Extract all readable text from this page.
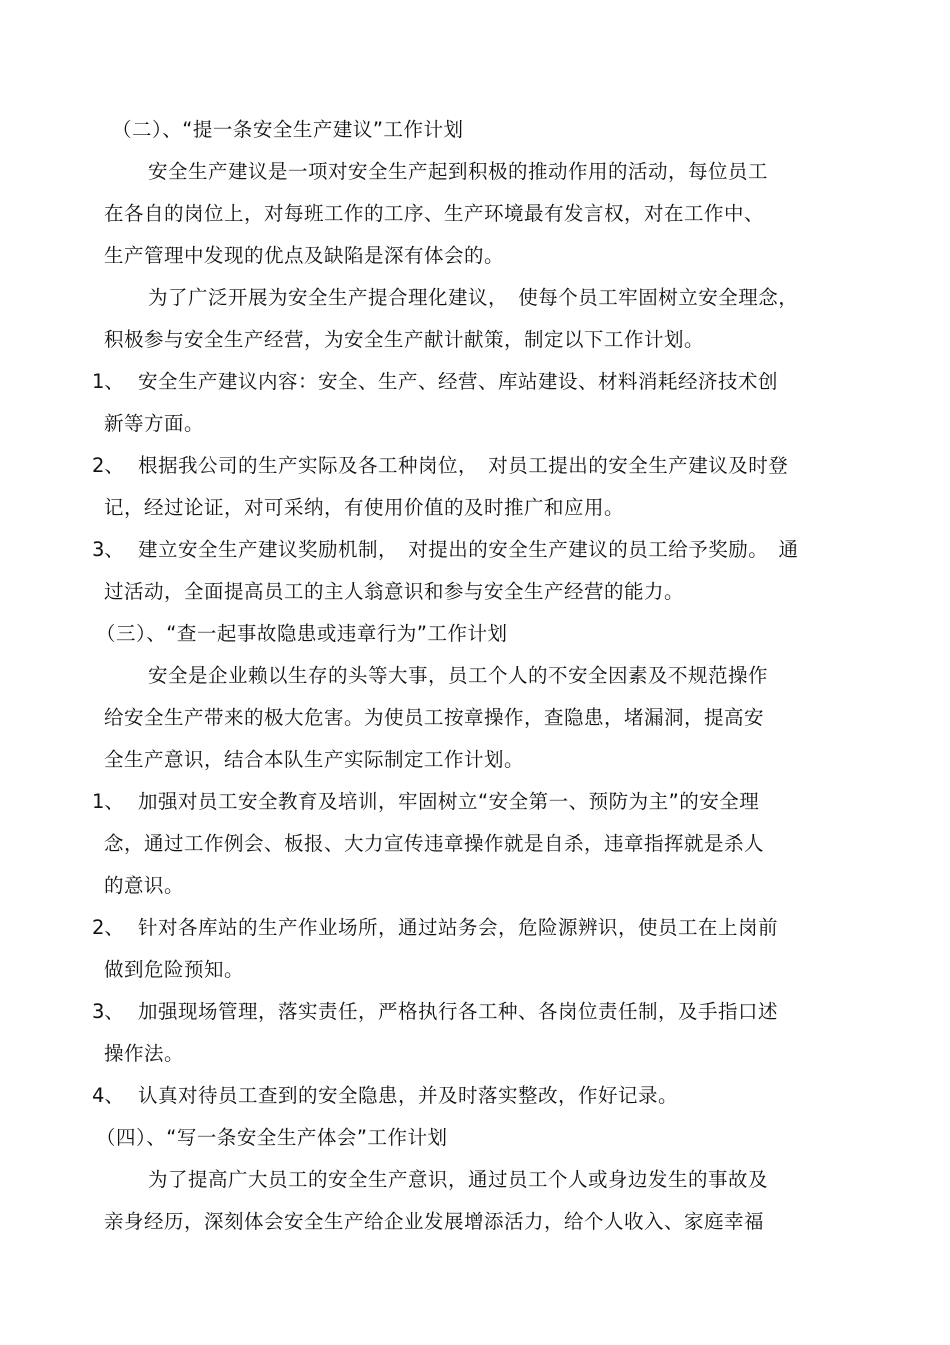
（二）、“提一条安全生产建议”工作计划
安全生产建议是一项对安全生产起到积极的推动作用的活动，每位员工
在各自的岗位上，对每班工作的工序、生产环境最有发言权，对在工作中、
生产管理中发现的优点及缺陷是深有体会的。
为了广泛开展为安全生产提合理化建议，　使每个员工牢固树立安全理念，
积极参与安全生产经营，为安全生产献计献策，制定以下工作计划。
1、 安全生产建议内容：安全、生产、经营、库站建设、材料消耗经济技术创
新等方面。
2、 根据我公司的生产实际及各工种岗位，　对员工提出的安全生产建议及时登
记，经过论证，对可采纳，有使用价值的及时推广和应用。
3、 建立安全生产建议奖励机制，　对提出的安全生产建议的员工给予奖励。　通
过活动，全面提高员工的主人翁意识和参与安全生产经营的能力。
（三）、“查一起事故隐患或违章行为”工作计划
安全是企业赖以生存的头等大事，员工个人的不安全因素及不规范操作
给安全生产带来的极大危害。为使员工按章操作，查隐患，堵漏洞，提高安
全生产意识，结合本队生产实际制定工作计划。
1、 加强对员工安全教育及培训，牢固树立“安全第一、预防为主”的安全理
念，通过工作例会、板报、大力宣传违章操作就是自杀，违章指挥就是杀人
的意识。
2、 针对各库站的生产作业场所，通过站务会，危险源辨识，使员工在上岗前
做到危险预知。
3、 加强现场管理，落实责任，严格执行各工种、各岗位责任制，及手指口述
操作法。
4、 认真对待员工查到的安全隐患，并及时落实整改，作好记录。
（四）、“写一条安全生产体会”工作计划
为了提高广大员工的安全生产意识，通过员工个人或身边发生的事故及
亲身经历，深刻体会安全生产给企业发展增添活力，给个人收入、家庭幸福
